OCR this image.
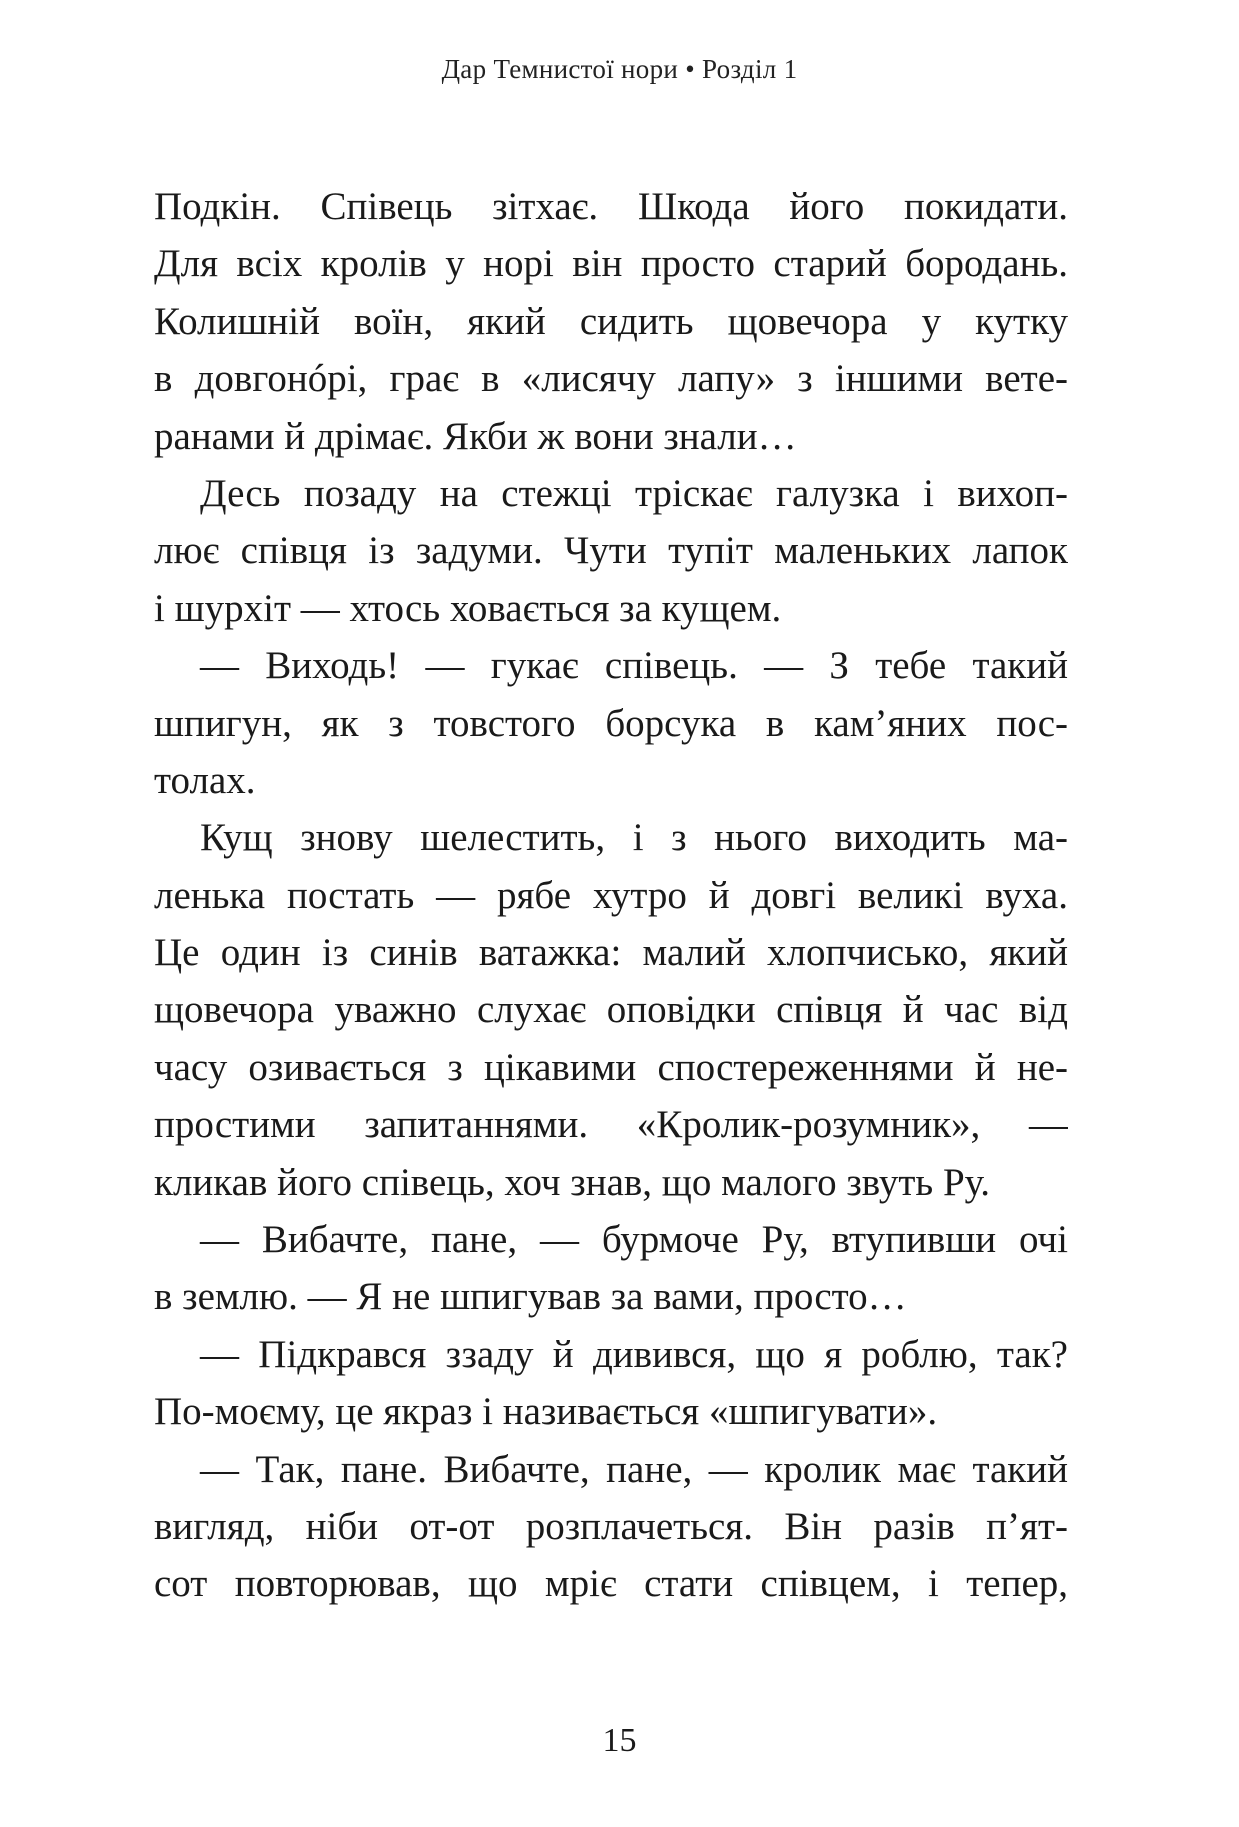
Дар Темнистої нори • Розділ 1
Подкін. Співець зітхає. Шкода його покидати.
Для всіх кролів у норі він просто старий бородань.
Колишній воїн, який сидить щовечора у кутку
в довгонóрі, грає в «лисячу лапу» з іншими вете-
ранами й дрімає. Якби ж вони знали…
Десь позаду на стежці тріскає галузка і вихоп-
лює співця із задуми. Чути тупіт маленьких лапок
і шурхіт — хтось ховається за кущем.
— Виходь! — гукає співець. — З тебе такий
шпигун, як з товстого борсука в кам’яних пос-
толах.
Кущ знову шелестить, і з нього виходить ма-
ленька постать — рябе хутро й довгі великі вуха.
Це один із синів ватажка: малий хлопчисько, який
щовечора уважно слухає оповідки співця й час від
часу озивається з цікавими спостереженнями й не-
простими запитаннями. «Кролик-розумник», —
кликав його співець, хоч знав, що малого звуть Ру.
— Вибачте, пане, — бурмоче Ру, втупивши очі
в землю. — Я не шпигував за вами, просто…
— Підкрався ззаду й дивився, що я роблю, так?
По-моєму, це якраз і називається «шпигувати».
— Так, пане. Вибачте, пане, — кролик має такий
вигляд, ніби от-от розплачеться. Він разів п’ят-
сот повторював, що мріє стати співцем, і тепер,
15
